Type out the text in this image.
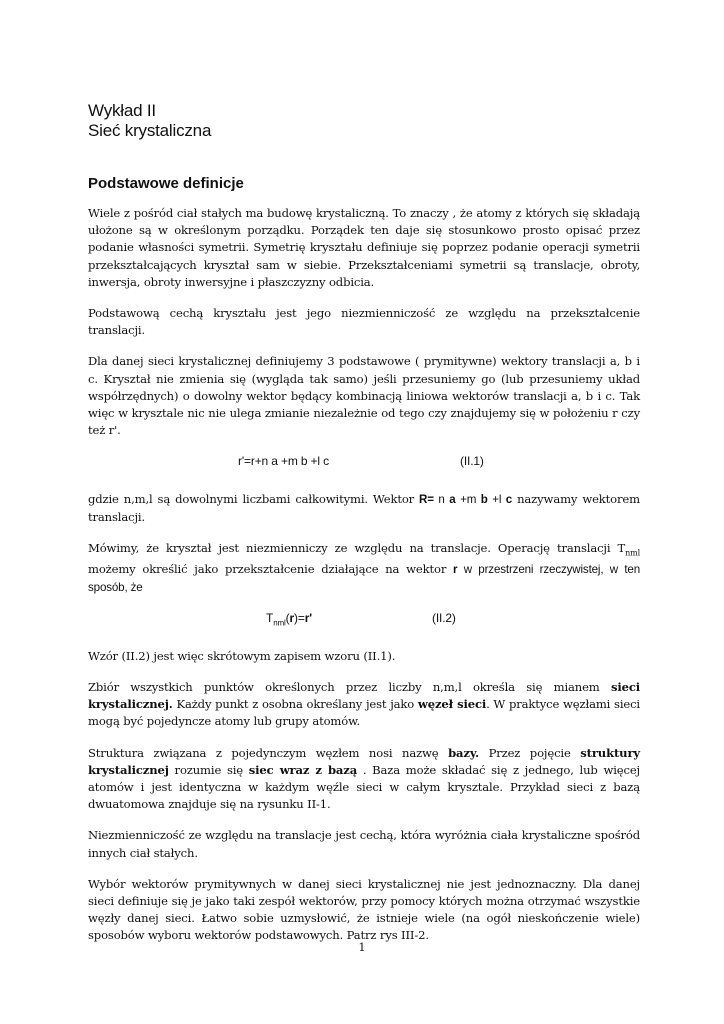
Wykład II
Sieć krystaliczna
Podstawowe definicje

Wiele z pośród ciał stałych ma budowę krystaliczną. To znaczy , że atomy z których się składają ułożone są w określonym porządku. Porządek ten daje się stosunkowo prosto opisać przez podanie własności symetrii. Symetrię kryształu definiuje się poprzez podanie operacji symetrii przekształcających kryształ sam w siebie. Przekształceniami symetrii są translacje, obroty, inwersja, obroty inwersyjne i płaszczyzny odbicia.

Podstawową cechą kryształu jest jego niezmienniczość ze względu na przekształcenie translacji.

Dla danej sieci krystalicznej definiujemy 3 podstawowe ( prymitywne) wektory translacji a, b i c. Kryształ nie zmienia się (wygląda tak samo) jeśli przesuniemy go (lub przesuniemy układ współrzędnych) o dowolny wektor będący kombinacją liniowa wektorów translacji a, b i c. Tak więc w krysztale nic nie ulega zmianie niezależnie od tego czy znajdujemy się w położeniu r czy też r'.

r'=r+n a +m b +l c	(II.1)

gdzie n,m,l są dowolnymi liczbami całkowitymi. Wektor R= n a +m b +l c nazywamy wektorem translacji.

Mówimy, że kryształ jest niezmienniczy ze względu na translacje. Operację translacji $T_{nml}$ możemy określić jako przekształcenie działające na wektor r w przestrzeni rzeczywistej, w ten sposób, że

$T_{nml}(r)=r'$	(II.2)

Wzór (II.2) jest więc skrótowym zapisem wzoru (II.1).

Zbiór wszystkich punktów określonych przez liczby n,m,l określa się mianem sieci krystalicznej. Każdy punkt z osobna określany jest jako węzeł sieci. W praktyce węzłami sieci mogą być pojedyncze atomy lub grupy atomów.

Struktura związana z pojedynczym węzłem nosi nazwę bazy. Przez pojęcie struktury krystalicznej rozumie się siec wraz z bazą . Baza może składać się z jednego, lub więcej atomów i jest identyczna w każdym węźle sieci w całym krysztale. Przykład sieci z bazą dwuatomowa znajduje się na rysunku II-1.

Niezmienniczość ze względu na translacje jest cechą, która wyróżnia ciała krystaliczne spośród innych ciał stałych.

Wybór wektorów prymitywnych w danej sieci krystalicznej nie jest jednoznaczny. Dla danej sieci definiuje się je jako taki zespół wektorów, przy pomocy których można otrzymać wszystkie węzły danej sieci. Łatwo sobie uzmysłowić, że istnieje wiele (na ogół nieskończenie wiele) sposobów wyboru wektorów podstawowych. Patrz rys III-2.

1
